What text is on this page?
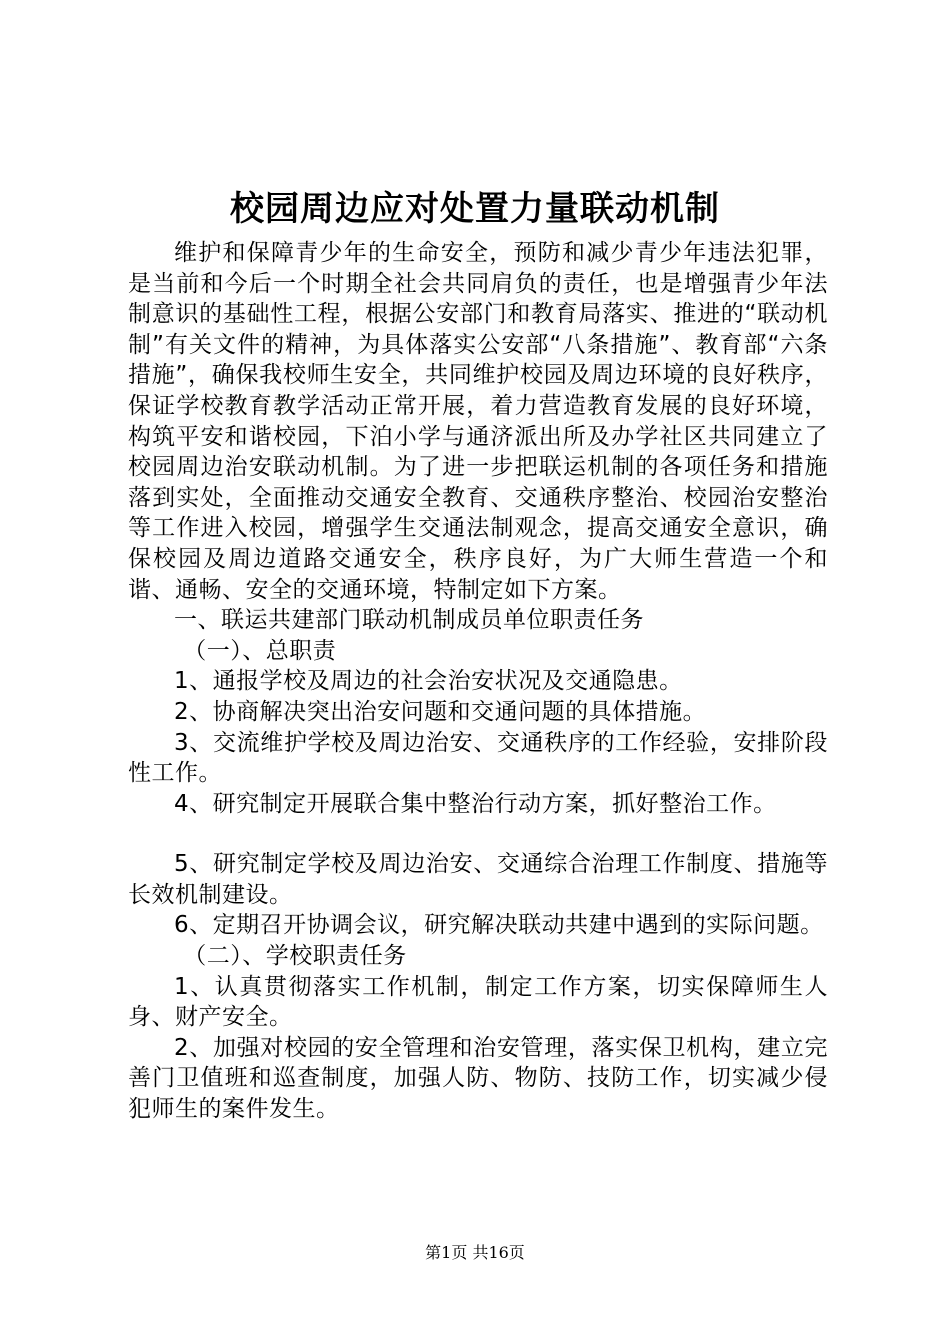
校园周边应对处置力量联动机制

维护和保障青少年的生命安全，预防和减少青少年违法犯罪，是当前和今后一个时期全社会共同肩负的责任，也是增强青少年法制意识的基础性工程，根据公安部门和教育局落实、推进的“联动机制”有关文件的精神，为具体落实公安部“八条措施”、教育部“六条措施”，确保我校师生安全，共同维护校园及周边环境的良好秩序，保证学校教育教学活动正常开展，着力营造教育发展的良好环境，构筑平安和谐校园，下泊小学与通济派出所及办学社区共同建立了校园周边治安联动机制。为了进一步把联运机制的各项任务和措施落到实处，全面推动交通安全教育、交通秩序整治、校园治安整治等工作进入校园，增强学生交通法制观念，提高交通安全意识，确保校园及周边道路交通安全，秩序良好，为广大师生营造一个和谐、通畅、安全的交通环境，特制定如下方案。

一、联运共建部门联动机制成员单位职责任务

（一）、总职责

1、通报学校及周边的社会治安状况及交通隐患。

2、协商解决突出治安问题和交通问题的具体措施。

3、交流维护学校及周边治安、交通秩序的工作经验，安排阶段性工作。

4、研究制定开展联合集中整治行动方案，抓好整治工作。

5、研究制定学校及周边治安、交通综合治理工作制度、措施等长效机制建设。

6、定期召开协调会议，研究解决联动共建中遇到的实际问题。

（二）、学校职责任务

1、认真贯彻落实工作机制，制定工作方案，切实保障师生人身、财产安全。

2、加强对校园的安全管理和治安管理，落实保卫机构，建立完善门卫值班和巡查制度，加强人防、物防、技防工作，切实减少侵犯师生的案件发生。

第1页 共16页
